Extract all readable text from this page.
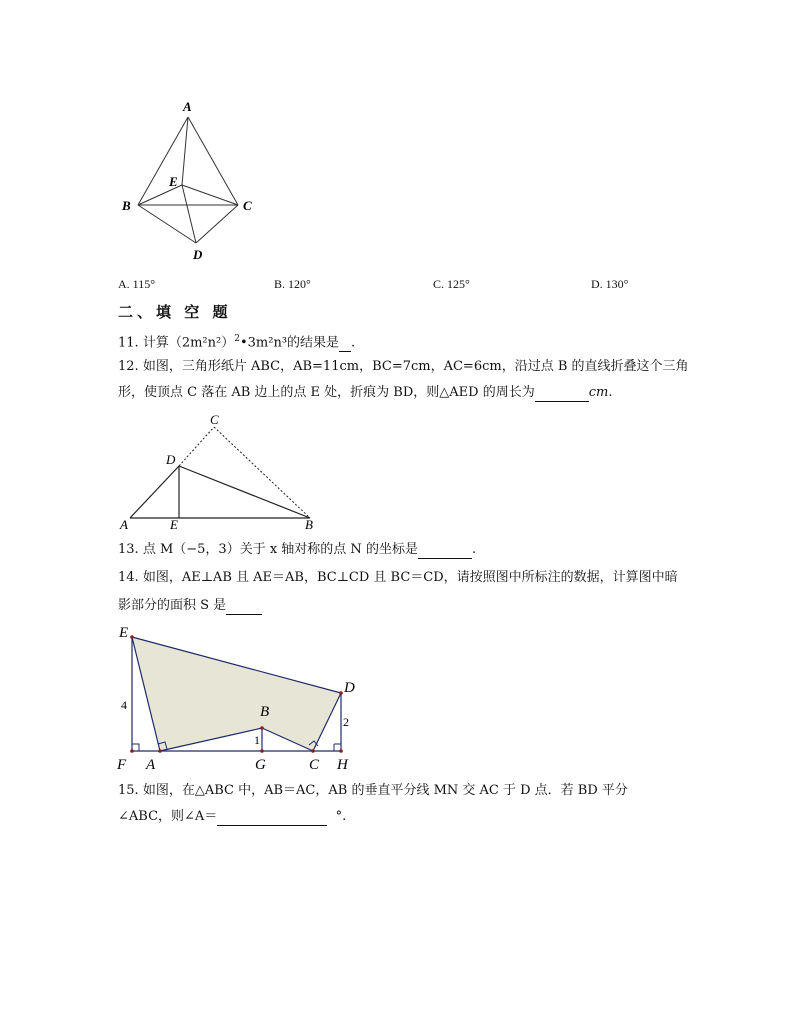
A
B	C
D
E
A. 115°	B. 120°	C. 125°	D. 130°
二、填 空 题
11. 计算$(2m^2n^2)^2•3m^2n^3$的结果是 .
12. 如图，三角形纸片 ABC，AB=11cm，BC=7cm，AC=6cm，沿过点 B 的直线折叠这个三角
形，使顶点 C 落在 AB 边上的点 E 处，折痕为 BD，则△AED 的周长为	cm.
C
D
A	E	B
13. 点 M（−5，3）关于 x 轴对称的点 N 的坐标是	.
14. 如图，AE⊥AB 且 AE＝AB，BC⊥CD 且 BC＝CD，请按照图中所标注的数据，计算图中暗
影部分的面积 S 是
E
D
B
F A	G	C H
4
1
2
15. 如图，在△ABC 中，AB＝AC，AB 的垂直平分线 MN 交 AC 于 D 点．若 BD 平分
∠ABC，则∠A＝	°.
